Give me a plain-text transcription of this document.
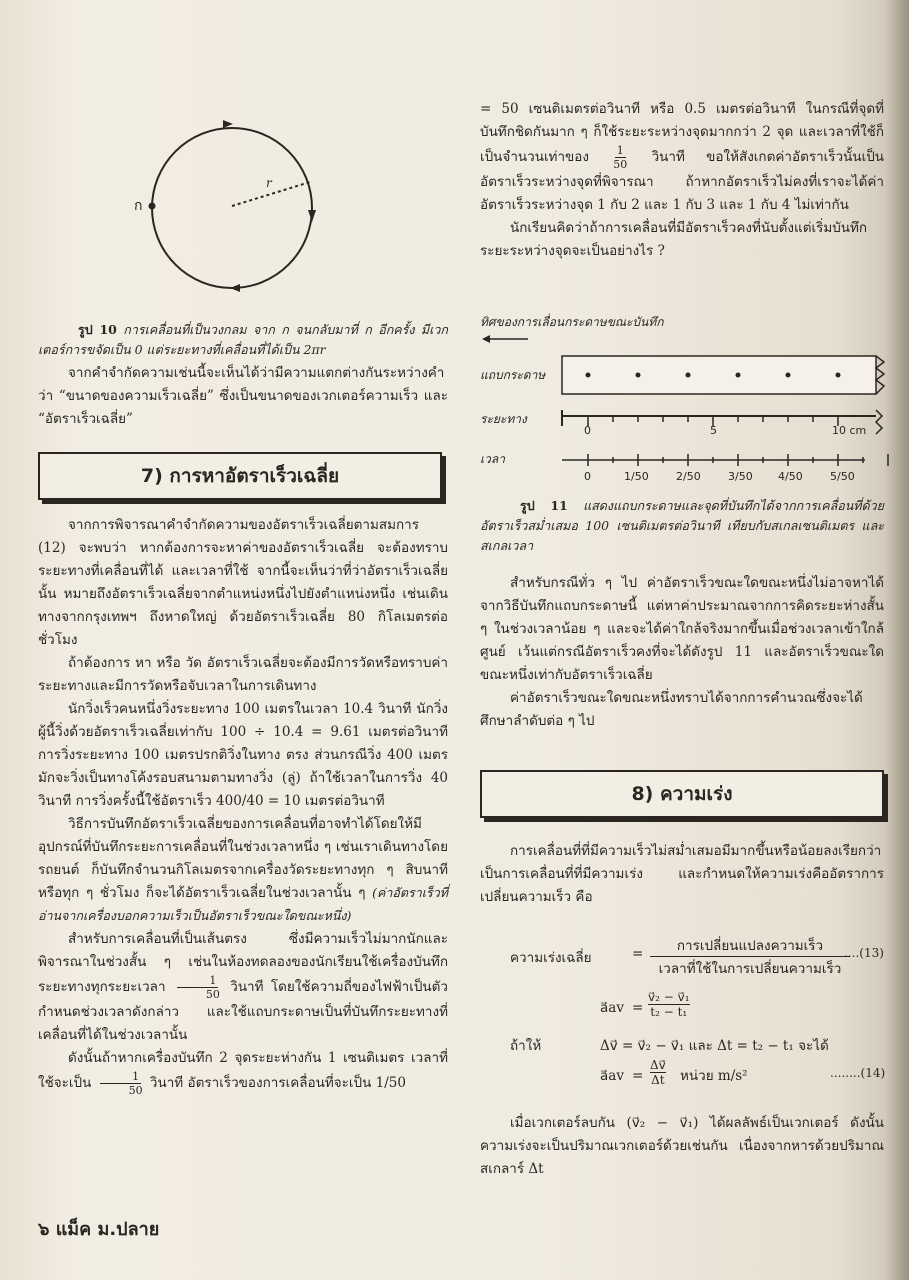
ก
r
รูป 10 การเคลื่อนที่เป็นวงกลม จาก ก จนกลับมาที่ ก อีกครั้ง มีเวกเตอร์การขจัดเป็น 0 แต่ระยะทางที่เคลื่อนที่ได้เป็น 2πr

จากคำจำกัดความเช่นนี้จะเห็นได้ว่ามีความแตกต่างกันระหว่างคำว่า “ขนาดของความเร็วเฉลี่ย” ซึ่งเป็นขนาดของเวกเตอร์ความเร็ว และ “อัตราเร็วเฉลี่ย”

7) การหาอัตราเร็วเฉลี่ย

จากการพิจารณาคำจำกัดความของอัตราเร็วเฉลี่ยตามสมการ (12) จะพบว่า หากต้องการจะหาค่าของอัตราเร็วเฉลี่ย จะต้องทราบระยะทางที่เคลื่อนที่ได้ และเวลาที่ใช้ จากนี้จะเห็นว่าที่ว่าอัตราเร็วเฉลี่ยนั้น หมายถึงอัตราเร็วเฉลี่ยจากตำแหน่งหนึ่งไปยังตำแหน่งหนึ่ง เช่นเดินทางจากกรุงเทพฯ ถึงหาดใหญ่ ด้วยอัตราเร็วเฉลี่ย 80 กิโลเมตรต่อชั่วโมง

ถ้าต้องการ หา หรือ วัด อัตราเร็วเฉลี่ยจะต้องมีการวัดหรือทราบค่าระยะทางและมีการวัดหรือจับเวลาในการเดินทาง

นักวิ่งเร็วคนหนึ่งวิ่งระยะทาง 100 เมตรในเวลา 10.4 วินาที นักวิ่งผู้นี้วิ่งด้วยอัตราเร็วเฉลี่ยเท่ากับ 100 ÷ 10.4 = 9.61 เมตรต่อวินาที การวิ่งระยะทาง 100 เมตรปรกติวิ่งในทาง ตรง ส่วนกรณีวิ่ง 400 เมตร มักจะวิ่งเป็นทางโค้งรอบสนามตามทางวิ่ง (ลู่) ถ้าใช้เวลาในการวิ่ง 40 วินาที การวิ่งครั้งนี้ใช้อัตราเร็ว 400/40 = 10 เมตรต่อวินาที

วิธีการบันทึกอัตราเร็วเฉลี่ยของการเคลื่อนที่อาจทำได้โดยให้มีอุปกรณ์ที่บันทึกระยะการเคลื่อนที่ในช่วงเวลาหนึ่ง ๆ เช่นเราเดินทางโดยรถยนต์ ก็บันทึกจำนวนกิโลเมตรจากเครื่องวัดระยะทางทุก ๆ สิบนาทีหรือทุก ๆ ชั่วโมง ก็จะได้อัตราเร็วเฉลี่ยในช่วงเวลานั้น ๆ (ค่าอัตราเร็วที่อ่านจากเครื่องบอกความเร็วเป็นอัตราเร็วขณะใดขณะหนึ่ง)

สำหรับการเคลื่อนที่เป็นเส้นตรง ซึ่งมีความเร็วไม่มากนักและพิจารณาในช่วงสั้น ๆ เช่นในห้องทดลองของนักเรียนใช้เครื่องบันทึกระยะทางทุกระยะเวลา $\frac{1}{50}$ วินาที โดยใช้ความถี่ของไฟฟ้าเป็นตัวกำหนดช่วงเวลาดังกล่าว และใช้แถบกระดาษเป็นที่บันทึกระยะทางที่เคลื่อนที่ได้ในช่วงเวลานั้น

ดังนั้นถ้าหากเครื่องบันทึก 2 จุดระยะห่างกัน 1 เซนติเมตร เวลาที่ใช้จะเป็น $\frac{1}{50}$ วินาที อัตราเร็วของการเคลื่อนที่จะเป็น 1/50

= 50 เซนติเมตรต่อวินาที หรือ 0.5 เมตรต่อวินาที ในกรณีที่จุดที่บันทึกชิดกันมาก ๆ ก็ใช้ระยะระหว่างจุดมากกว่า 2 จุด และเวลาที่ใช้ก็เป็นจำนวนเท่าของ $\frac{1}{50}$ วินาที ขอให้สังเกตค่าอัตราเร็วนั้นเป็นอัตราเร็วระหว่างจุดที่พิจารณา ถ้าหากอัตราเร็วไม่คงที่เราจะได้ค่าอัตราเร็วระหว่างจุด 1 กับ 2 และ 1 กับ 3 และ 1 กับ 4 ไม่เท่ากัน

นักเรียนคิดว่าถ้าการเคลื่อนที่มีอัตราเร็วคงที่นับตั้งแต่เริ่มบันทึกระยะระหว่างจุดจะเป็นอย่างไร ?

ทิศของการเลื่อนกระดาษขณะบันทึก
แถบกระดาษ
ระยะทาง
เวลา
0	5	10 cm
0	1/50 2/50 3/50 4/50 5/50
รูป 11 แสดงแถบกระดาษและจุดที่บันทึกได้จากการเคลื่อนที่ด้วยอัตราเร็วสม่ำเสมอ 100 เซนติเมตรต่อวินาที เทียบกับสเกลเซนติเมตร และสเกลเวลา

สำหรับกรณีทั่ว ๆ ไป ค่าอัตราเร็วขณะใดขณะหนึ่งไม่อาจหาได้จากวิธีบันทึกแถบกระดาษนี้ แต่หาค่าประมาณจากการคิดระยะห่างสั้น ๆ ในช่วงเวลาน้อย ๆ และจะได้ค่าใกล้จริงมากขึ้นเมื่อช่วงเวลาเข้าใกล้ศูนย์ เว้นแต่กรณีอัตราเร็วคงที่จะได้ดังรูป 11 และอัตราเร็วขณะใดขณะหนึ่งเท่ากับอัตราเร็วเฉลี่ย

ค่าอัตราเร็วขณะใดขณะหนึ่งทราบได้จากการคำนวณซึ่งจะได้ศึกษาลำดับต่อ ๆ ไป

8) ความเร่ง

การเคลื่อนที่ที่มีความเร็วไม่สม่ำเสมอมีมากขึ้นหรือน้อยลงเรียกว่าเป็นการเคลื่อนที่ที่มีความเร่ง และกำหนดให้ความเร่งคืออัตราการเปลี่ยนความเร็ว คือ

ความเร่งเฉลี่ย	=	การเปลี่ยนแปลงความเร็ว
เวลาที่ใช้ในการเปลี่ยนความเร็ว
....(13)
a⃗av = $\frac{\text{v⃗₂ − v⃗₁}}{\text{t₂ − t₁}}$
ถ้าให้	Δv⃗ = v⃗₂ − v⃗₁ และ Δt = t₂ − t₁ จะได้
a⃗av = $\frac{\Delta v⃗}{\Delta t}$ หน่วย m/s²	........(14)

เมื่อเวกเตอร์ลบกัน (v⃗₂ − v⃗₁) ได้ผลลัพธ์เป็นเวกเตอร์ ดังนั้นความเร่งจะเป็นปริมาณเวกเตอร์ด้วยเช่นกัน เนื่องจากหารด้วยปริมาณสเกลาร์ Δt

๖ แม็ค ม.ปลาย
